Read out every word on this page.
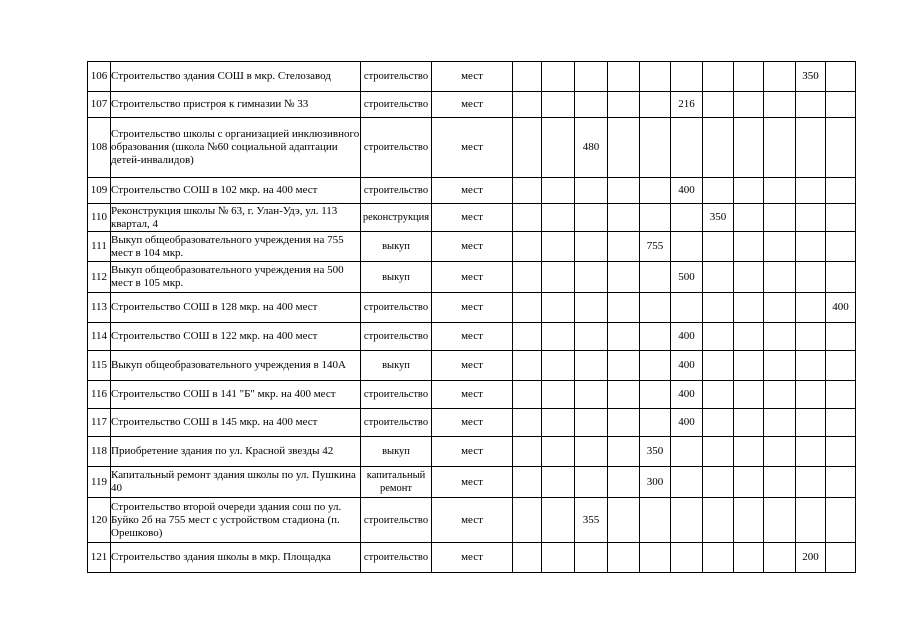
106	Строительство здания СОШ в мкр. Стелозавод	строительство	мест										350	
107	Строительство пристроя к гимназии № 33	строительство	мест						216					
108	Строительство школы с организацией инклюзивного образования (школа №60 социальной адаптации детей-инвалидов)	строительство	мест			480								
109	Строительство СОШ в 102 мкр. на 400 мест	строительство	мест						400					
110	Реконструкция школы № 63, г. Улан-Удэ, ул. 113 квартал, 4	реконструкция	мест							350				
111	Выкуп общеобразовательного учреждения на 755 мест в 104 мкр.	выкуп	мест					755						
112	Выкуп общеобразовательного учреждения на 500 мест в 105 мкр.	выкуп	мест						500					
113	Строительство СОШ в 128 мкр. на 400 мест	строительство	мест											400
114	Строительство СОШ в 122 мкр. на 400 мест	строительство	мест						400					
115	Выкуп общеобразовательного учреждения в 140А	выкуп	мест						400					
116	Строительство СОШ в 141 "Б" мкр. на 400 мест	строительство	мест						400					
117	Строительство СОШ в 145 мкр. на 400 мест	строительство	мест						400					
118	Приобретение здания по ул. Красной звезды 42	выкуп	мест					350						
119	Капитальный ремонт здания школы по ул. Пушкина 40	капитальный ремонт	мест					300						
120	Строительство второй очереди здания сош по ул. Буйко 2б на 755 мест с устройством стадиона (п. Орешково)	строительство	мест			355								
121	Строительство здания школы в мкр. Площадка	строительство	мест										200	
